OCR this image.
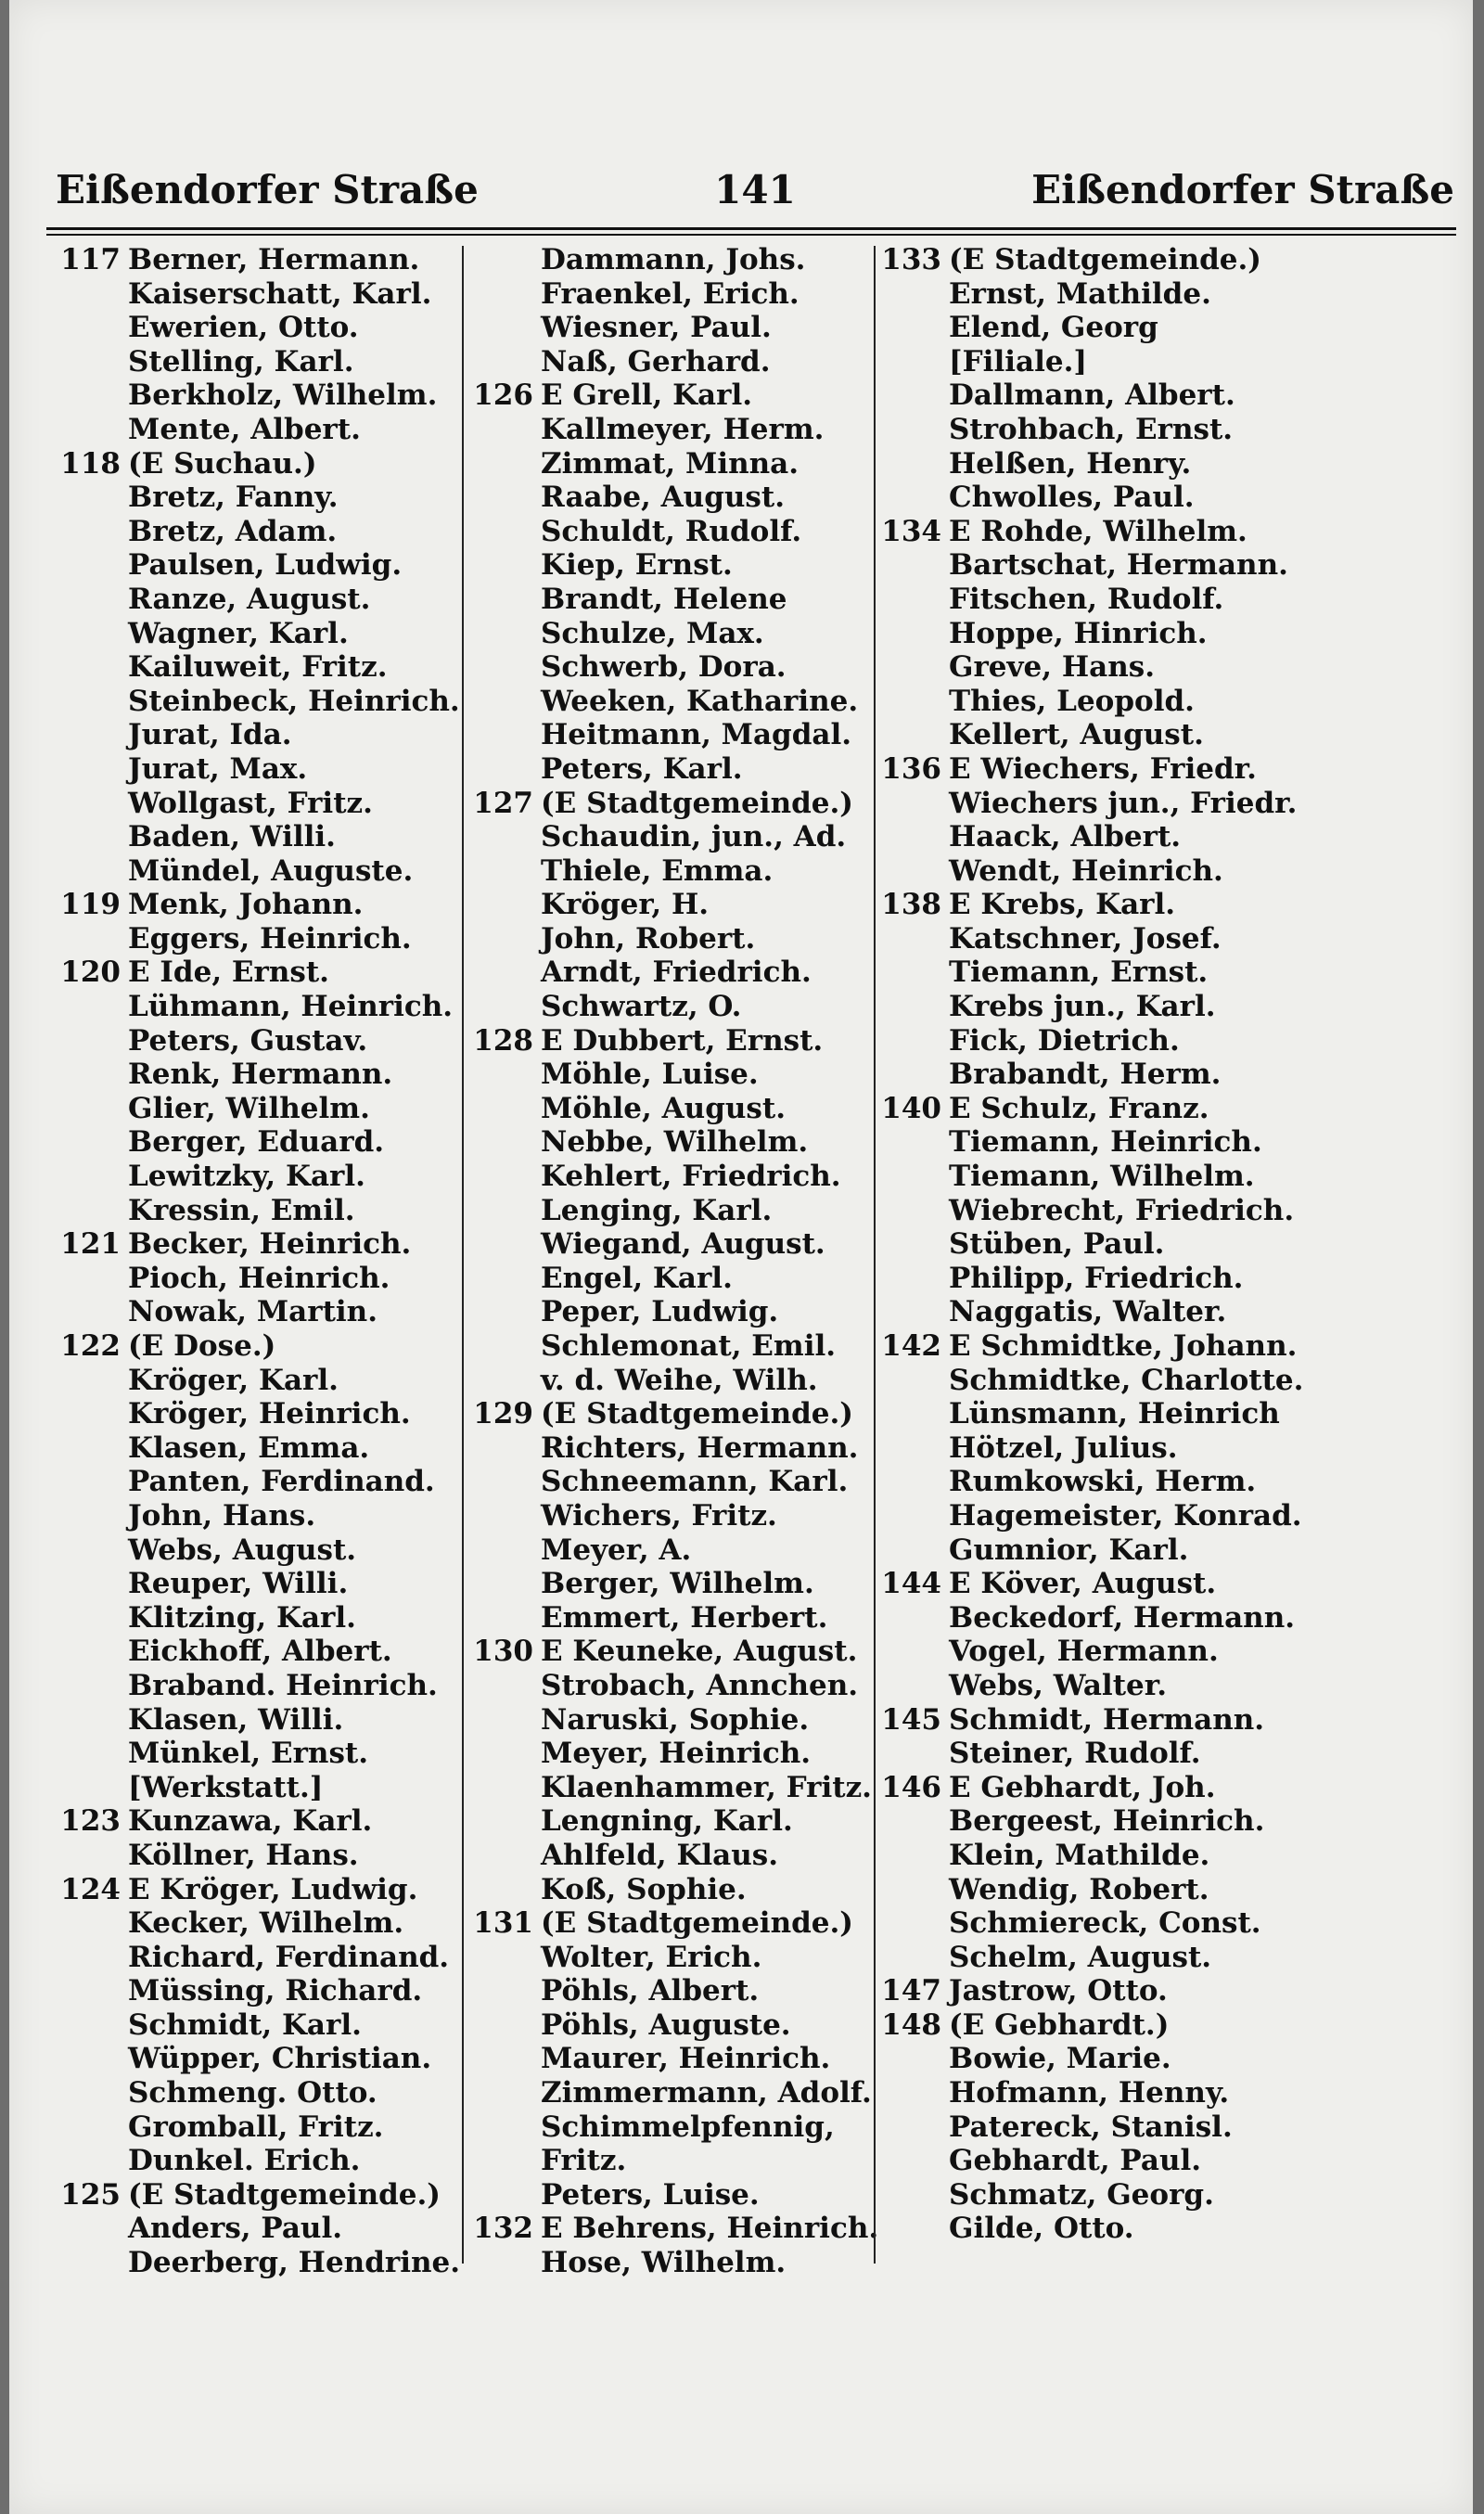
Eißendorfer Straße	141	Eißendorfer Straße
117 Berner, Hermann.
Kaiserschatt, Karl.
Ewerien, Otto.
Stelling, Karl.
Berkholz, Wilhelm.
Mente, Albert.
118 (E Suchau.)
Bretz, Fanny.
Bretz, Adam.
Paulsen, Ludwig.
Ranze, August.
Wagner, Karl.
Kailuweit, Fritz.
Steinbeck, Heinrich.
Jurat, Ida.
Jurat, Max.
Wollgast, Fritz.
Baden, Willi.
Mündel, Auguste.
119 Menk, Johann.
Eggers, Heinrich.
120 E Ide, Ernst.
Lühmann, Heinrich.
Peters, Gustav.
Renk, Hermann.
Glier, Wilhelm.
Berger, Eduard.
Lewitzky, Karl.
Kressin, Emil.
121 Becker, Heinrich.
Pioch, Heinrich.
Nowak, Martin.
122 (E Dose.)
Kröger, Karl.
Kröger, Heinrich.
Klasen, Emma.
Panten, Ferdinand.
John, Hans.
Webs, August.
Reuper, Willi.
Klitzing, Karl.
Eickhoff, Albert.
Braband. Heinrich.
Klasen, Willi.
Münkel, Ernst.
[Werkstatt.]
123 Kunzawa, Karl.
Köllner, Hans.
124 E Kröger, Ludwig.
Kecker, Wilhelm.
Richard, Ferdinand.
Müssing, Richard.
Schmidt, Karl.
Wüpper, Christian.
Schmeng. Otto.
Gromball, Fritz.
Dunkel. Erich.
125 (E Stadtgemeinde.)
Anders, Paul.
Deerberg, Hendrine.
Dammann, Johs.
Fraenkel, Erich.
Wiesner, Paul.
Naß, Gerhard.
126 E Grell, Karl.
Kallmeyer, Herm.
Zimmat, Minna.
Raabe, August.
Schuldt, Rudolf.
Kiep, Ernst.
Brandt, Helene
Schulze, Max.
Schwerb, Dora.
Weeken, Katharine.
Heitmann, Magdal.
Peters, Karl.
127 (E Stadtgemeinde.)
Schaudin, jun., Ad.
Thiele, Emma.
Kröger, H.
John, Robert.
Arndt, Friedrich.
Schwartz, O.
128 E Dubbert, Ernst.
Möhle, Luise.
Möhle, August.
Nebbe, Wilhelm.
Kehlert, Friedrich.
Lenging, Karl.
Wiegand, August.
Engel, Karl.
Peper, Ludwig.
Schlemonat, Emil.
v. d. Weihe, Wilh.
129 (E Stadtgemeinde.)
Richters, Hermann.
Schneemann, Karl.
Wichers, Fritz.
Meyer, A.
Berger, Wilhelm.
Emmert, Herbert.
130 E Keuneke, August.
Strobach, Annchen.
Naruski, Sophie.
Meyer, Heinrich.
Klaenhammer, Fritz.
Lengning, Karl.
Ahlfeld, Klaus.
Koß, Sophie.
131 (E Stadtgemeinde.)
Wolter, Erich.
Pöhls, Albert.
Pöhls, Auguste.
Maurer, Heinrich.
Zimmermann, Adolf.
Schimmelpfennig,
Fritz.
Peters, Luise.
132 E Behrens, Heinrich.
Hose, Wilhelm.
133 (E Stadtgemeinde.)
Ernst, Mathilde.
Elend, Georg
[Filiale.]
Dallmann, Albert.
Strohbach, Ernst.
Helßen, Henry.
Chwolles, Paul.
134 E Rohde, Wilhelm.
Bartschat, Hermann.
Fitschen, Rudolf.
Hoppe, Hinrich.
Greve, Hans.
Thies, Leopold.
Kellert, August.
136 E Wiechers, Friedr.
Wiechers jun., Friedr.
Haack, Albert.
Wendt, Heinrich.
138 E Krebs, Karl.
Katschner, Josef.
Tiemann, Ernst.
Krebs jun., Karl.
Fick, Dietrich.
Brabandt, Herm.
140 E Schulz, Franz.
Tiemann, Heinrich.
Tiemann, Wilhelm.
Wiebrecht, Friedrich.
Stüben, Paul.
Philipp, Friedrich.
Naggatis, Walter.
142 E Schmidtke, Johann.
Schmidtke, Charlotte.
Lünsmann, Heinrich
Hötzel, Julius.
Rumkowski, Herm.
Hagemeister, Konrad.
Gumnior, Karl.
144 E Köver, August.
Beckedorf, Hermann.
Vogel, Hermann.
Webs, Walter.
145 Schmidt, Hermann.
Steiner, Rudolf.
146 E Gebhardt, Joh.
Bergeest, Heinrich.
Klein, Mathilde.
Wendig, Robert.
Schmiereck, Const.
Schelm, August.
147 Jastrow, Otto.
148 (E Gebhardt.)
Bowie, Marie.
Hofmann, Henny.
Patereck, Stanisl.
Gebhardt, Paul.
Schmatz, Georg.
Gilde, Otto.
